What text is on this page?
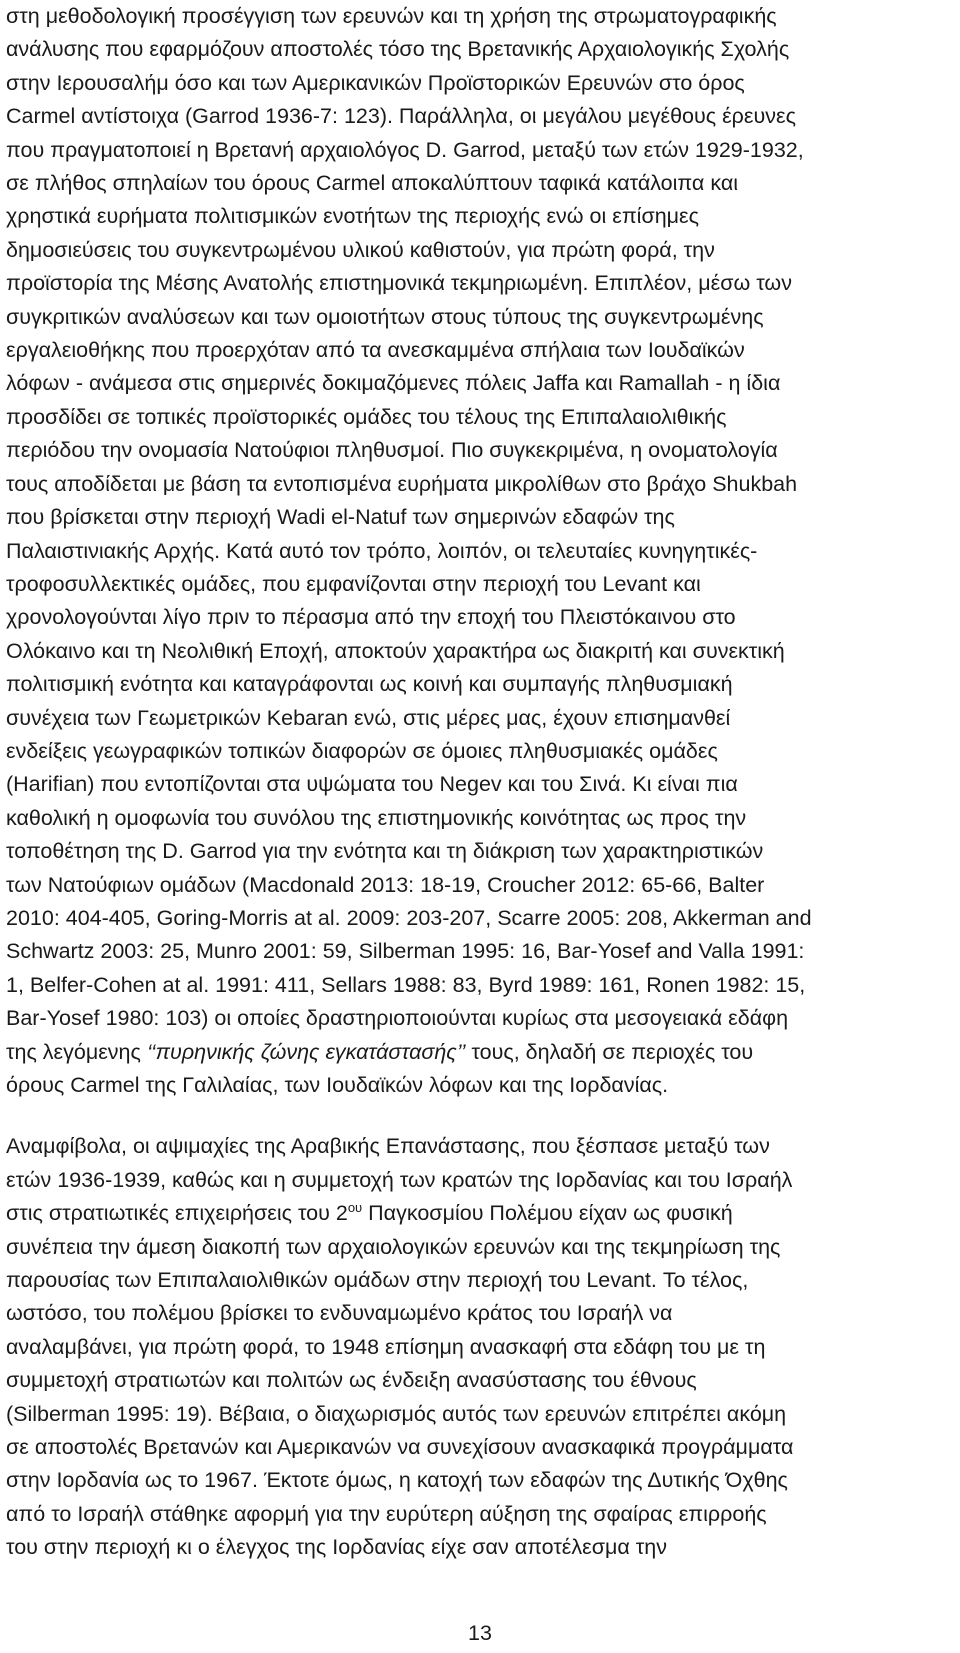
στη μεθοδολογική προσέγγιση των ερευνών και τη χρήση της στρωματογραφικής
ανάλυσης που εφαρμόζουν αποστολές τόσο της Βρετανικής Αρχαιολογικής Σχολής
στην Ιερουσαλήμ όσο και των Αμερικανικών Προϊστορικών Ερευνών στο όρος
Carmel αντίστοιχα (Garrod 1936-7: 123). Παράλληλα, οι μεγάλου μεγέθους έρευνες
που πραγματοποιεί η Βρετανή αρχαιολόγος D. Garrod, μεταξύ των ετών 1929-1932,
σε πλήθος σπηλαίων του όρους Carmel αποκαλύπτουν ταφικά κατάλοιπα και
χρηστικά ευρήματα πολιτισμικών ενοτήτων της περιοχής ενώ οι επίσημες
δημοσιεύσεις του συγκεντρωμένου υλικού καθιστούν, για πρώτη φορά, την
προϊστορία της Μέσης Ανατολής επιστημονικά τεκμηριωμένη. Επιπλέον, μέσω των
συγκριτικών αναλύσεων και των ομοιοτήτων στους τύπους της συγκεντρωμένης
εργαλειοθήκης που προερχόταν από τα ανεσκαμμένα σπήλαια των Ιουδαϊκών
λόφων - ανάμεσα στις σημερινές δοκιμαζόμενες πόλεις Jaffa και Ramallah - η ίδια
προσδίδει σε τοπικές προϊστορικές ομάδες του τέλους της Επιπαλαιολιθικής
περιόδου την ονομασία Νατούφιοι πληθυσμοί. Πιο συγκεκριμένα, η ονοματολογία
τους αποδίδεται με βάση τα εντοπισμένα ευρήματα μικρολίθων στο βράχο Shukbah
που βρίσκεται στην περιοχή Wadi el-Natuf των σημερινών εδαφών της
Παλαιστινιακής Αρχής. Κατά αυτό τον τρόπο, λοιπόν, οι τελευταίες κυνηγητικές-
τροφοσυλλεκτικές ομάδες, που εμφανίζονται στην περιοχή του Levant και
χρονολογούνται λίγο πριν το πέρασμα από την εποχή του Πλειστόκαινου στο
Ολόκαινο και τη Νεολιθική Εποχή, αποκτούν χαρακτήρα ως διακριτή και συνεκτική
πολιτισμική ενότητα και καταγράφονται ως κοινή και συμπαγής πληθυσμιακή
συνέχεια των Γεωμετρικών Kebaran ενώ, στις μέρες μας, έχουν επισημανθεί
ενδείξεις γεωγραφικών τοπικών διαφορών σε όμοιες πληθυσμιακές ομάδες
(Harifian) που εντοπίζονται στα υψώματα του Negev και του Σινά. Κι είναι πια
καθολική η ομοφωνία του συνόλου της επιστημονικής κοινότητας ως προς την
τοποθέτηση της D. Garrod για την ενότητα και τη διάκριση των χαρακτηριστικών
των Νατούφιων ομάδων (Macdonald 2013: 18-19, Croucher 2012: 65-66, Balter
2010: 404-405, Goring-Morris at al. 2009: 203-207, Scarre 2005: 208, Akkerman and
Schwartz 2003: 25, Munro 2001: 59, Silberman 1995: 16, Bar-Yosef and Valla 1991:
1, Belfer-Cohen at al. 1991: 411, Sellars 1988: 83, Byrd 1989: 161, Ronen 1982: 15,
Bar-Yosef 1980: 103) οι οποίες δραστηριοποιούνται κυρίως στα μεσογειακά εδάφη
της λεγόμενης ‘‘πυρηνικής ζώνης εγκατάστασής’’ τους, δηλαδή σε περιοχές του
όρους Carmel της Γαλιλαίας, των Ιουδαϊκών λόφων και της Ιορδανίας.
Αναμφίβολα, οι αψιμαχίες της Αραβικής Επανάστασης, που ξέσπασε μεταξύ των
ετών 1936-1939, καθώς και η συμμετοχή των κρατών της Ιορδανίας και του Ισραήλ
στις στρατιωτικές επιχειρήσεις του $2^{o\upsilon}$ Παγκοσμίου Πολέμου είχαν ως φυσική
συνέπεια την άμεση διακοπή των αρχαιολογικών ερευνών και της τεκμηρίωση της
παρουσίας των Επιπαλαιολιθικών ομάδων στην περιοχή του Levant. Το τέλος,
ωστόσο, του πολέμου βρίσκει το ενδυναμωμένο κράτος του Ισραήλ να
αναλαμβάνει, για πρώτη φορά, το 1948 επίσημη ανασκαφή στα εδάφη του με τη
συμμετοχή στρατιωτών και πολιτών ως ένδειξη ανασύστασης του έθνους
(Silberman 1995: 19). Βέβαια, ο διαχωρισμός αυτός των ερευνών επιτρέπει ακόμη
σε αποστολές Βρετανών και Αμερικανών να συνεχίσουν ανασκαφικά προγράμματα
στην Ιορδανία ως το 1967. Έκτοτε όμως, η κατοχή των εδαφών της Δυτικής Όχθης
από το Ισραήλ στάθηκε αφορμή για την ευρύτερη αύξηση της σφαίρας επιρροής
του στην περιοχή κι ο έλεγχος της Ιορδανίας είχε σαν αποτέλεσμα την
13
